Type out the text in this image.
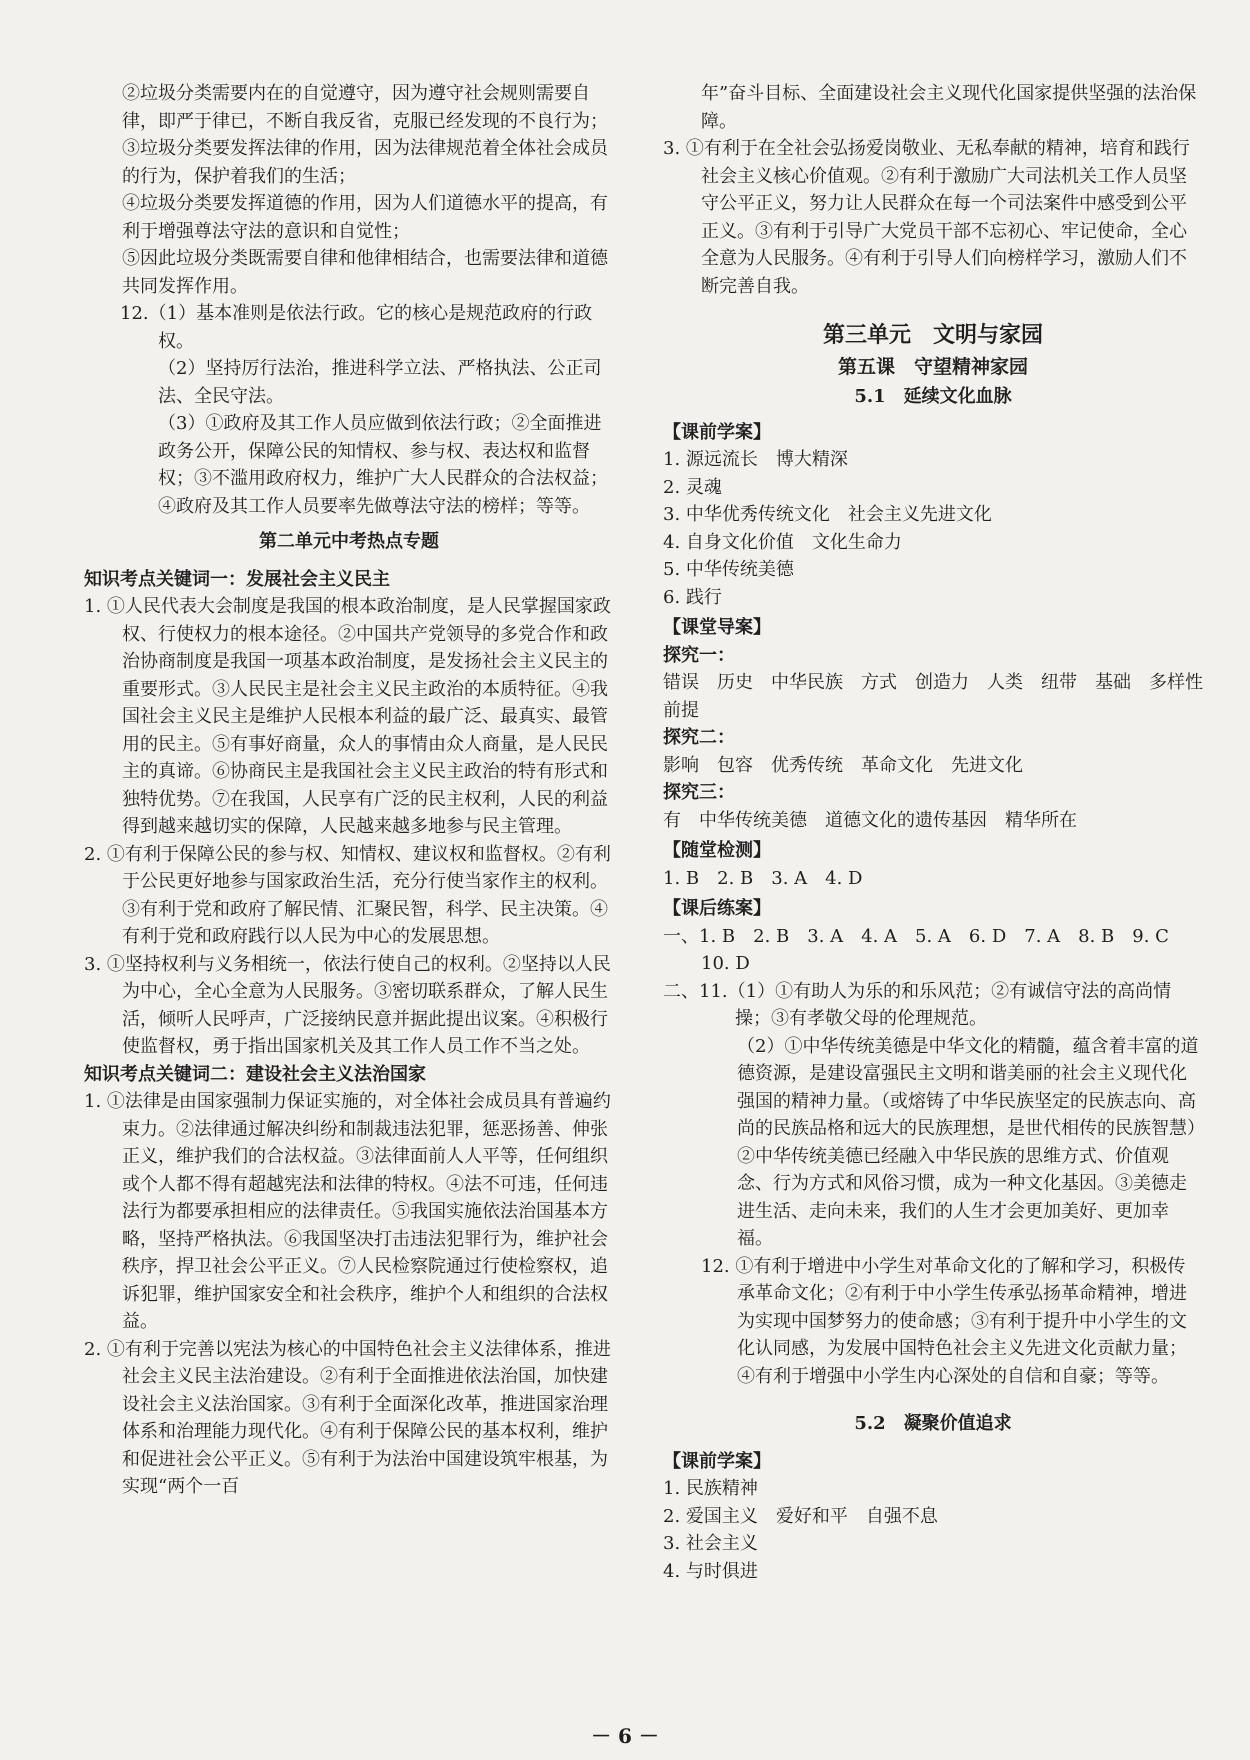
②垃圾分类需要内在的自觉遵守，因为遵守社会规则需要自律，即严于律已，不断自我反省，克服已经发现的不良行为；

③垃圾分类要发挥法律的作用，因为法律规范着全体社会成员的行为，保护着我们的生活；

④垃圾分类要发挥道德的作用，因为人们道德水平的提高，有利于增强尊法守法的意识和自觉性；

⑤因此垃圾分类既需要自律和他律相结合，也需要法律和道德共同发挥作用。

12.（1）基本准则是依法行政。它的核心是规范政府的行政权。

（2）坚持厉行法治，推进科学立法、严格执法、公正司法、全民守法。

（3）①政府及其工作人员应做到依法行政；②全面推进政务公开，保障公民的知情权、参与权、表达权和监督权；③不滥用政府权力，维护广大人民群众的合法权益；④政府及其工作人员要率先做尊法守法的榜样；等等。

第二单元中考热点专题

知识考点关键词一：发展社会主义民主

1. ①人民代表大会制度是我国的根本政治制度，是人民掌握国家政权、行使权力的根本途径。②中国共产党领导的多党合作和政治协商制度是我国一项基本政治制度，是发扬社会主义民主的重要形式。③人民民主是社会主义民主政治的本质特征。④我国社会主义民主是维护人民根本利益的最广泛、最真实、最管用的民主。⑤有事好商量，众人的事情由众人商量，是人民民主的真谛。⑥协商民主是我国社会主义民主政治的特有形式和独特优势。⑦在我国，人民享有广泛的民主权利，人民的利益得到越来越切实的保障，人民越来越多地参与民主管理。

2. ①有利于保障公民的参与权、知情权、建议权和监督权。②有利于公民更好地参与国家政治生活，充分行使当家作主的权利。③有利于党和政府了解民情、汇聚民智，科学、民主决策。④有利于党和政府践行以人民为中心的发展思想。

3. ①坚持权利与义务相统一，依法行使自己的权利。②坚持以人民为中心，全心全意为人民服务。③密切联系群众，了解人民生活，倾听人民呼声，广泛接纳民意并据此提出议案。④积极行使监督权，勇于指出国家机关及其工作人员工作不当之处。

知识考点关键词二：建设社会主义法治国家

1. ①法律是由国家强制力保证实施的，对全体社会成员具有普遍约束力。②法律通过解决纠纷和制裁违法犯罪，惩恶扬善、伸张正义，维护我们的合法权益。③法律面前人人平等，任何组织或个人都不得有超越宪法和法律的特权。④法不可违，任何违法行为都要承担相应的法律责任。⑤我国实施依法治国基本方略，坚持严格执法。⑥我国坚决打击违法犯罪行为，维护社会秩序，捍卫社会公平正义。⑦人民检察院通过行使检察权，追诉犯罪，维护国家安全和社会秩序，维护个人和组织的合法权益。

2. ①有利于完善以宪法为核心的中国特色社会主义法律体系，推进社会主义民主法治建设。②有利于全面推进依法治国，加快建设社会主义法治国家。③有利于全面深化改革，推进国家治理体系和治理能力现代化。④有利于保障公民的基本权利，维护和促进社会公平正义。⑤有利于为法治中国建设筑牢根基，为实现“两个一百

年”奋斗目标、全面建设社会主义现代化国家提供坚强的法治保障。

3. ①有利于在全社会弘扬爱岗敬业、无私奉献的精神，培育和践行社会主义核心价值观。②有利于激励广大司法机关工作人员坚守公平正义，努力让人民群众在每一个司法案件中感受到公平正义。③有利于引导广大党员干部不忘初心、牢记使命，全心全意为人民服务。④有利于引导人们向榜样学习，激励人们不断完善自我。

第三单元　文明与家园

第五课　守望精神家园

5.1　延续文化血脉

【课前学案】

1. 源远流长　博大精深

2. 灵魂

3. 中华优秀传统文化　社会主义先进文化

4. 自身文化价值　文化生命力

5. 中华传统美德

6. 践行

【课堂导案】

探究一：

错误　历史　中华民族　方式　创造力　人类　纽带　基础　多样性　前提

探究二：

影响　包容　优秀传统　革命文化　先进文化

探究三：

有　中华传统美德　道德文化的遗传基因　精华所在

【随堂检测】

1. B　2. B　3. A　4. D

【课后练案】

一、1. B　2. B　3. A　4. A　5. A　6. D　7. A　8. B　9. C　10. D

二、11.（1）①有助人为乐的和乐风范；②有诚信守法的高尚情操；③有孝敬父母的伦理规范。

（2）①中华传统美德是中华文化的精髓，蕴含着丰富的道德资源，是建设富强民主文明和谐美丽的社会主义现代化强国的精神力量。（或熔铸了中华民族坚定的民族志向、高尚的民族品格和远大的民族理想，是世代相传的民族智慧）②中华传统美德已经融入中华民族的思维方式、价值观念、行为方式和风俗习惯，成为一种文化基因。③美德走进生活、走向未来，我们的人生才会更加美好、更加幸福。

12. ①有利于增进中小学生对革命文化的了解和学习，积极传承革命文化；②有利于中小学生传承弘扬革命精神，增进为实现中国梦努力的使命感；③有利于提升中小学生的文化认同感，为发展中国特色社会主义先进文化贡献力量；④有利于增强中小学生内心深处的自信和自豪；等等。

5.2　凝聚价值追求

【课前学案】

1. 民族精神

2. 爱国主义　爱好和平　自强不息

3. 社会主义

4. 与时俱进

－ 6 －
